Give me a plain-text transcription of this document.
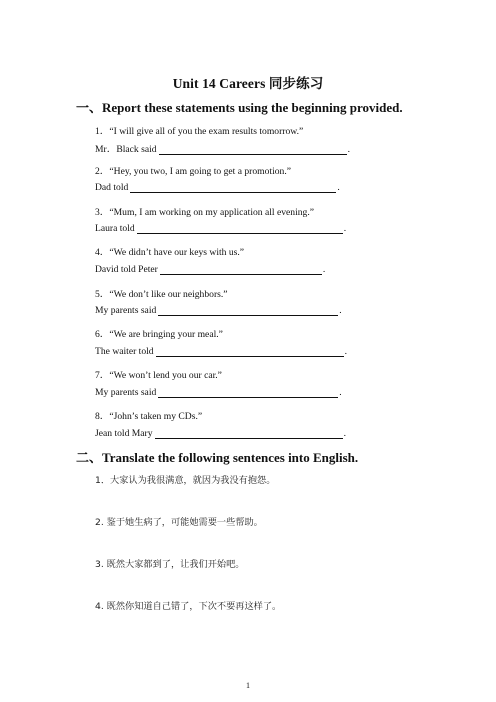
Unit 14 Careers 同步练习
一、Report these statements using the beginning provided.
1．“I will give all of you the exam results tomorrow.”
Mr．Black said	.
2．“Hey, you two, I am going to get a promotion.”
Dad told	.
3．“Mum, I am working on my application all evening.”
Laura told	.
4．“We didn’t have our keys with us.”
David told Peter	.
5．“We don’t like our neighbors.”
My parents said	.
6．“We are bringing your meal.”
The waiter told	.
7．“We won’t lend you our car.”
My parents said	.
8．“John’s taken my CDs.”
Jean told Mary	.
二、Translate the following sentences into English.
1．大家认为我很满意，就因为我没有抱怨。
2. 鉴于她生病了，可能她需要一些帮助。
3. 既然大家都到了，让我们开始吧。
4. 既然你知道自己错了，下次不要再这样了。
1
